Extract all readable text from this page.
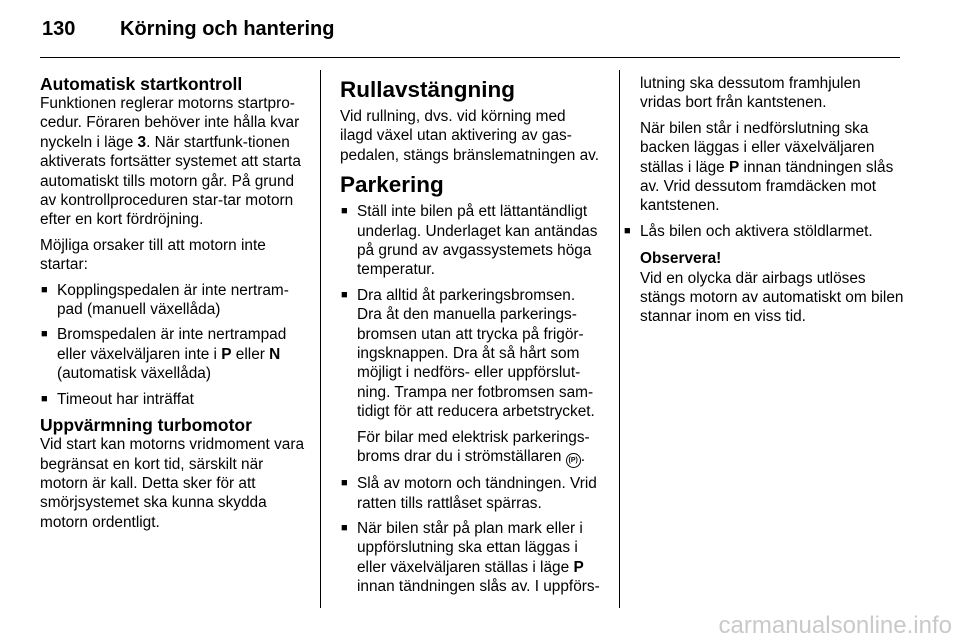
130 Körning och hantering
Automatisk startkontroll

Funktionen reglerar motorns startpro-cedur. Föraren behöver inte hålla kvar nyckeln i läge 3. När startfunk-tionen aktiverats fortsätter systemet att starta automatiskt tills motorn går. På grund av kontrollproceduren star-tar motorn efter en kort fördröjning.

Möjliga orsaker till att motorn inte startar:

■ Kopplingspedalen är inte nertram-pad (manuell växellåda)
■ Bromspedalen är inte nertrampad eller växelväljaren inte i P eller N (automatisk växellåda)
■ Timeout har inträffat
Uppvärmning turbomotor

Vid start kan motorns vridmoment vara begränsat en kort tid, särskilt när motorn är kall. Detta sker för att smörjsystemet ska kunna skydda motorn ordentligt.

Rullavstängning

Vid rullning, dvs. vid körning med ilagd växel utan aktivering av gas-pedalen, stängs bränslematningen av.

Parkering
■ Ställ inte bilen på ett lättantändligt underlag. Underlaget kan antändas på grund av avgassystemets höga temperatur.
■ Dra alltid åt parkeringsbromsen. Dra åt den manuella parkerings-bromsen utan att trycka på frigör-ingsknappen. Dra åt så hårt som möjligt i nedförs- eller uppförslut-ning. Trampa ner fotbromsen sam-tidigt för att reducera arbetstrycket.
För bilar med elektrisk parkerings-broms drar du i strömställaren (P) .
■ Slå av motorn och tändningen. Vrid ratten tills rattlåset spärras.
■ När bilen står på plan mark eller i uppförslutning ska ettan läggas i eller växelväljaren ställas i läge P innan tändningen slås av. I uppförs-

lutning ska dessutom framhjulen vridas bort från kantstenen.

När bilen står i nedförslutning ska backen läggas i eller växelväljaren ställas i läge P innan tändningen slås av. Vrid dessutom framdäcken mot kantstenen.

■ Lås bilen och aktivera stöldlarmet.

Observera!

Vid en olycka där airbags utlöses stängs motorn av automatiskt om bilen stannar inom en viss tid.

carmanualsonline.info
